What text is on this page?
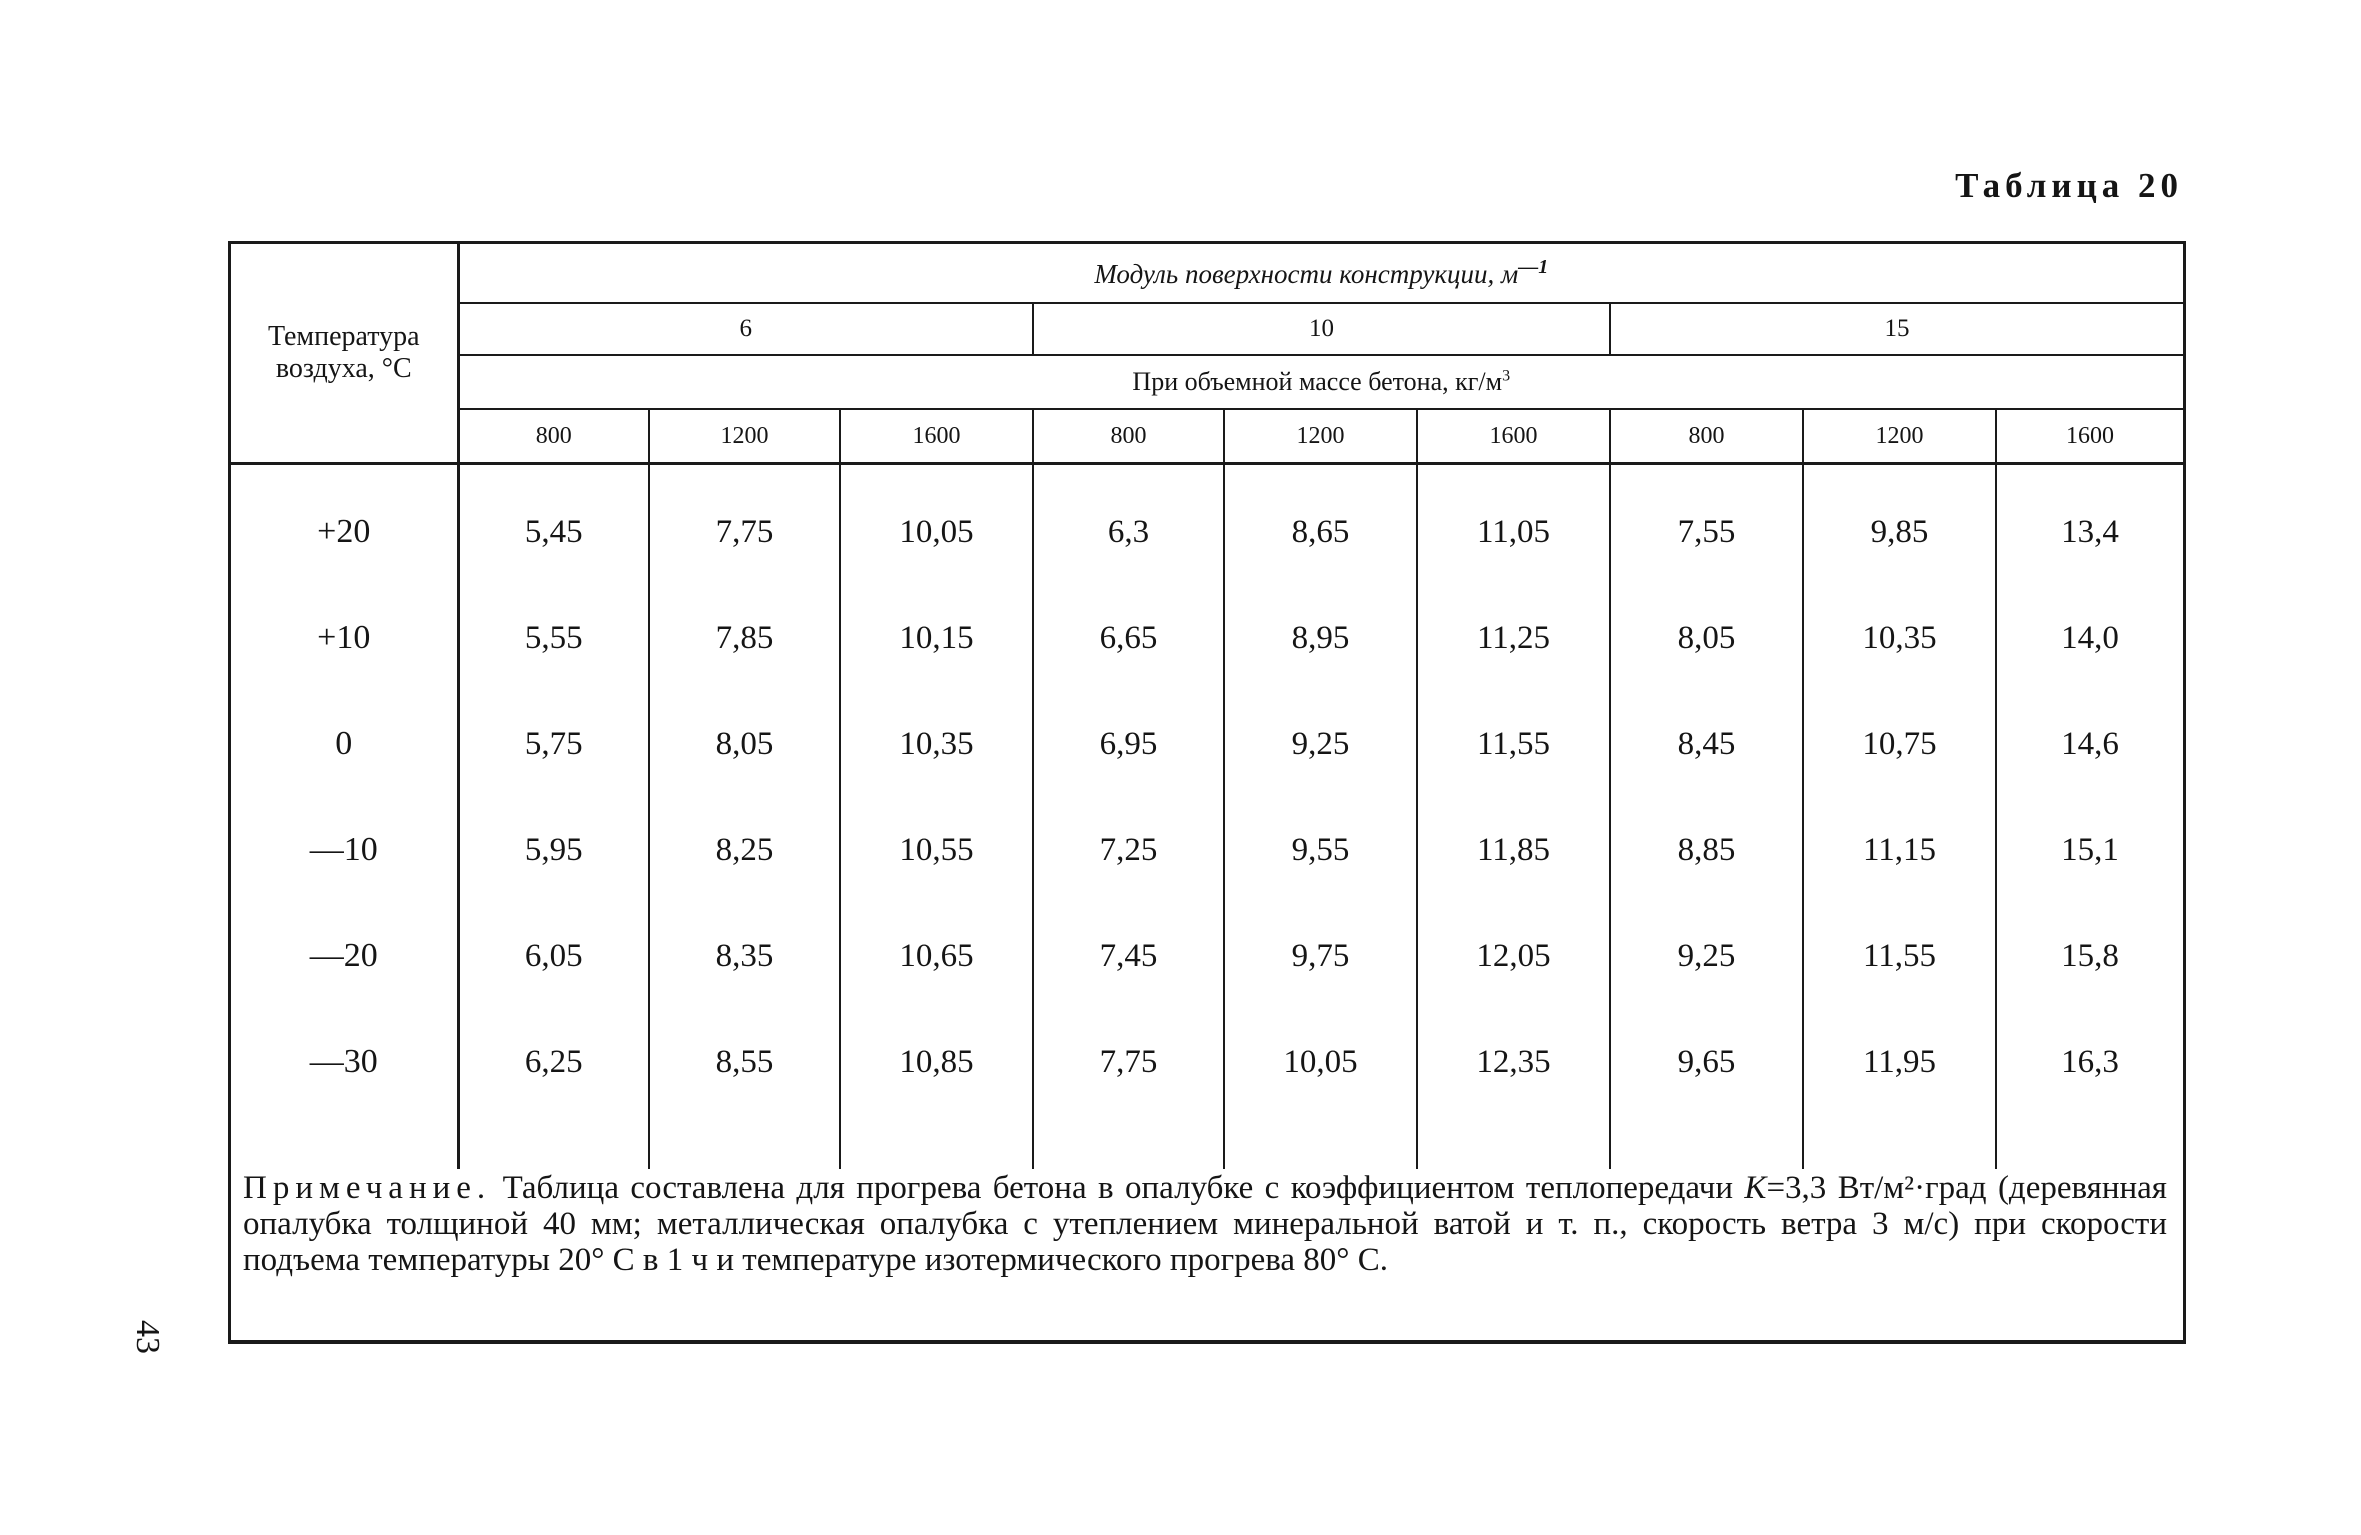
Таблица 20
Температура воздуха, °С	Модуль поверхности конструкции, $м^{—1}$
	6			10			15		
	При объемной массе бетона, $кг/м^3$
	800	1200	1600	800	1200	1600	800	1200	1600
+20	5,45	7,75	10,05	6,3	8,65	11,05	7,55	9,85	13,4
+10	5,55	7,85	10,15	6,65	8,95	11,25	8,05	10,35	14,0
0	5,75	8,05	10,35	6,95	9,25	11,55	8,45	10,75	14,6
—10	5,95	8,25	10,55	7,25	9,55	11,85	8,85	11,15	15,1
—20	6,05	8,35	10,65	7,45	9,75	12,05	9,25	11,55	15,8
—30	6,25	8,55	10,85	7,75	10,05	12,35	9,65	11,95	16,3

Примечание. Таблица составлена для прогрева бетона в опалубке с коэффициентом теплопередачи K=3,3 Вт/м²·град (деревянная опалубка толщиной 40 мм; металлическая опалубка с утеплением минеральной ватой и т. п., скорость ветра 3 м/с) при скорости подъема температуры 20° С в 1 ч и температуре изотермического прогрева 80° С.
43
